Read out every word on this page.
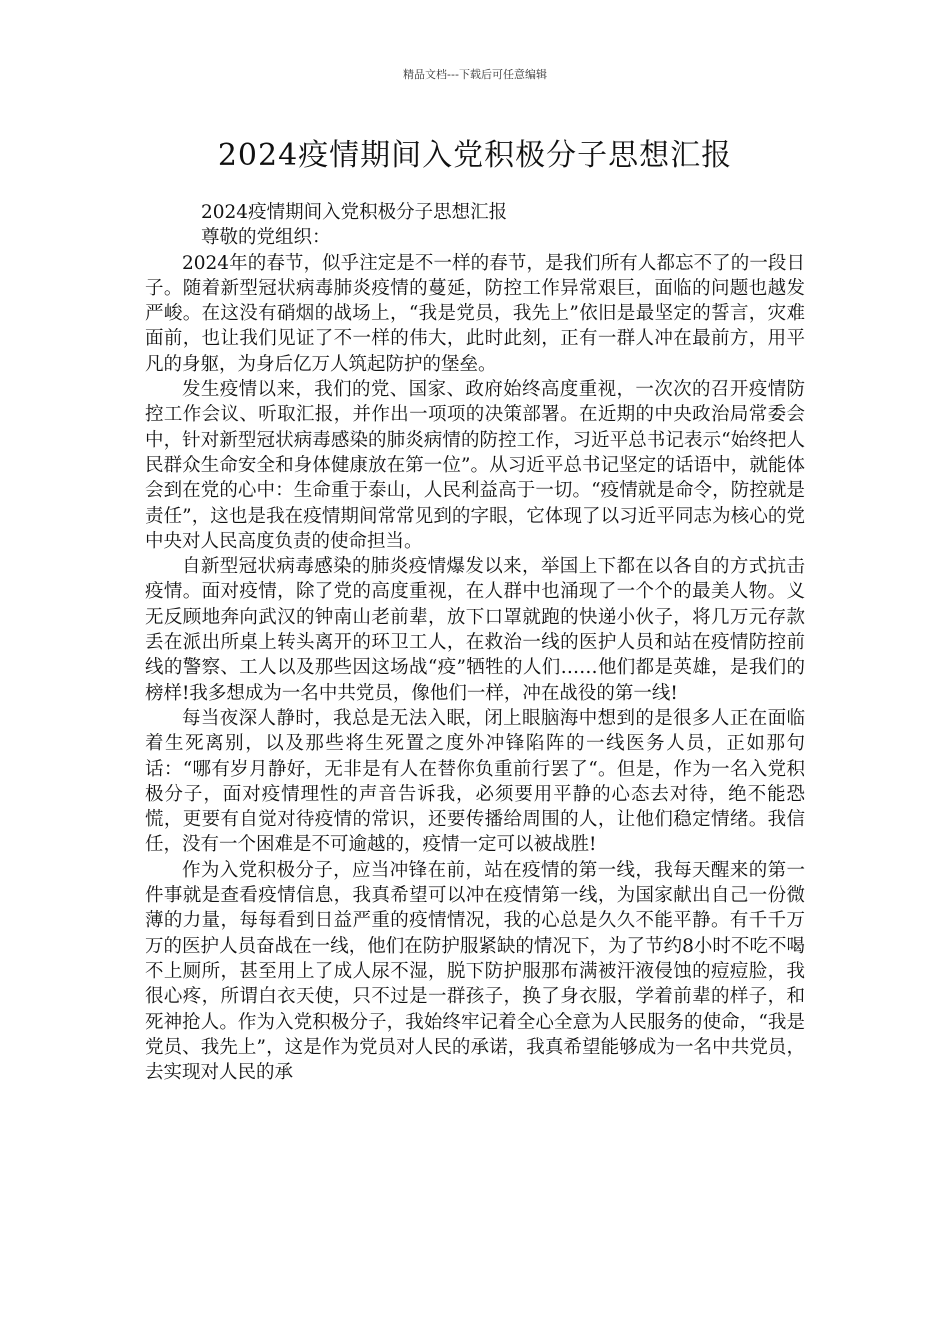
精品文档---下载后可任意编辑
2024疫情期间入党积极分子思想汇报

2024疫情期间入党积极分子思想汇报

尊敬的党组织：

2024年的春节，似乎注定是不一样的春节，是我们所有人都忘不了的一段日子。随着新型冠状病毒肺炎疫情的蔓延，防控工作异常艰巨，面临的问题也越发严峻。在这没有硝烟的战场上，“我是党员，我先上”依旧是最坚定的誓言，灾难面前，也让我们见证了不一样的伟大，此时此刻，正有一群人冲在最前方，用平凡的身躯，为身后亿万人筑起防护的堡垒。

发生疫情以来，我们的党、国家、政府始终高度重视，一次次的召开疫情防控工作会议、听取汇报，并作出一项项的决策部署。在近期的中央政治局常委会中，针对新型冠状病毒感染的肺炎病情的防控工作，习近平总书记表示“始终把人民群众生命安全和身体健康放在第一位”。从习近平总书记坚定的话语中，就能体会到在党的心中：生命重于泰山，人民利益高于一切。“疫情就是命令，防控就是责任”，这也是我在疫情期间常常见到的字眼，它体现了以习近平同志为核心的党中央对人民高度负责的使命担当。

自新型冠状病毒感染的肺炎疫情爆发以来，举国上下都在以各自的方式抗击疫情。面对疫情，除了党的高度重视，在人群中也涌现了一个个的最美人物。义无反顾地奔向武汉的钟南山老前辈，放下口罩就跑的快递小伙子，将几万元存款丢在派出所桌上转头离开的环卫工人，在救治一线的医护人员和站在疫情防控前线的警察、工人以及那些因这场战“疫”牺牲的人们……他们都是英雄，是我们的榜样!我多想成为一名中共党员，像他们一样，冲在战役的第一线!

每当夜深人静时，我总是无法入眠，闭上眼脑海中想到的是很多人正在面临着生死离别，以及那些将生死置之度外冲锋陷阵的一线医务人员，正如那句话：“哪有岁月静好，无非是有人在替你负重前行罢了“。但是，作为一名入党积极分子，面对疫情理性的声音告诉我，必须要用平静的心态去对待，绝不能恐慌，更要有自觉对待疫情的常识，还要传播给周围的人，让他们稳定情绪。我信任，没有一个困难是不可逾越的，疫情一定可以被战胜!

作为入党积极分子，应当冲锋在前，站在疫情的第一线，我每天醒来的第一件事就是查看疫情信息，我真希望可以冲在疫情第一线，为国家献出自己一份微薄的力量，每每看到日益严重的疫情情况，我的心总是久久不能平静。有千千万万的医护人员奋战在一线，他们在防护服紧缺的情况下，为了节约8小时不吃不喝不上厕所，甚至用上了成人尿不湿，脱下防护服那布满被汗液侵蚀的痘痘脸，我很心疼，所谓白衣天使，只不过是一群孩子，换了身衣服，学着前辈的样子，和死神抢人。作为入党积极分子，我始终牢记着全心全意为人民服务的使命，“我是党员、我先上”，这是作为党员对人民的承诺，我真希望能够成为一名中共党员，去实现对人民的承
